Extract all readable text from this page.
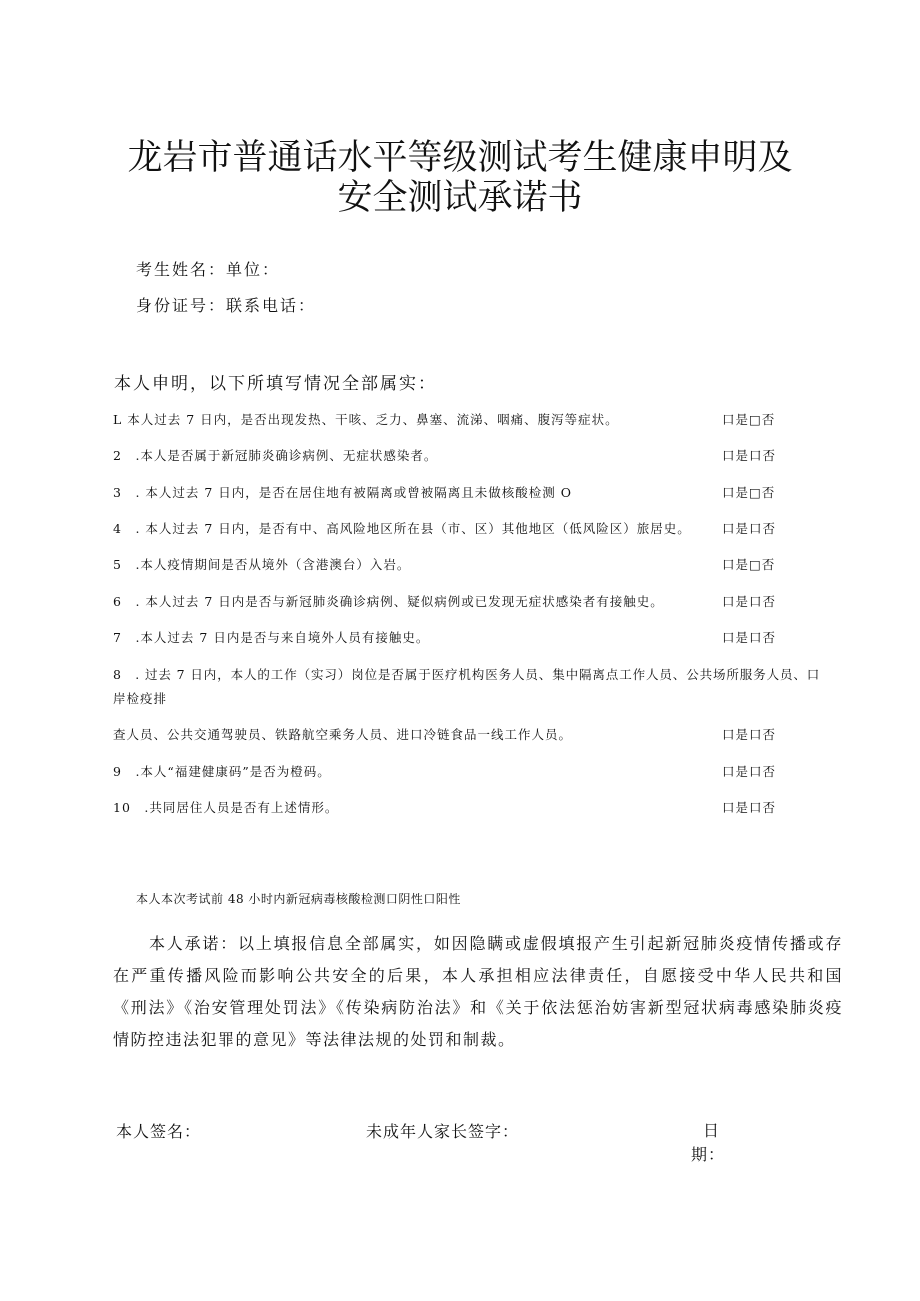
龙岩市普通话水平等级测试考生健康申明及
安全测试承诺书
考生姓名：单位：
身份证号：联系电话：
本人申明，以下所填写情况全部属实：
L 本人过去 7 日内，是否出现发热、干咳、乏力、鼻塞、流涕、咽痛、腹泻等症状。	口是□否
2　.本人是否属于新冠肺炎确诊病例、无症状感染者。	口是口否
3　. 本人过去 7 日内，是否在居住地有被隔离或曾被隔离且未做核酸检测 O	口是□否
4　. 本人过去 7 日内，是否有中、高风险地区所在县（市、区）其他地区（低风险区）旅居史。 口是口否
5　.本人疫情期间是否从境外（含港澳台）入岩。	口是□否
6　. 本人过去 7 日内是否与新冠肺炎确诊病例、疑似病例或已发现无症状感染者有接触史。	口是口否
7　.本人过去 7 日内是否与来自境外人员有接触史。	口是口否
8　. 过去 7 日内，本人的工作（实习）岗位是否属于医疗机构医务人员、集中隔离点工作人员、公共场所服务人员、口
岸检疫排
查人员、公共交通驾驶员、铁路航空乘务人员、进口冷链食品一线工作人员。	口是口否
9　.本人“福建健康码”是否为橙码。	口是口否
10　.共同居住人员是否有上述情形。	口是口否
本人本次考试前 48 小时内新冠病毒核酸检测口阴性口阳性
本人承诺：以上填报信息全部属实，如因隐瞒或虚假填报产生引起新冠肺炎疫情传播或存在严重传播风险而影响公共安全的后果，本人承担相应法律责任，自愿接受中华人民共和国《刑法》《治安管理处罚法》《传染病防治法》和《关于依法惩治妨害新型冠状病毒感染肺炎疫情防控违法犯罪的意见》等法律法规的处罚和制裁。
本人签名：	未成年人家长签字：	日
期：
